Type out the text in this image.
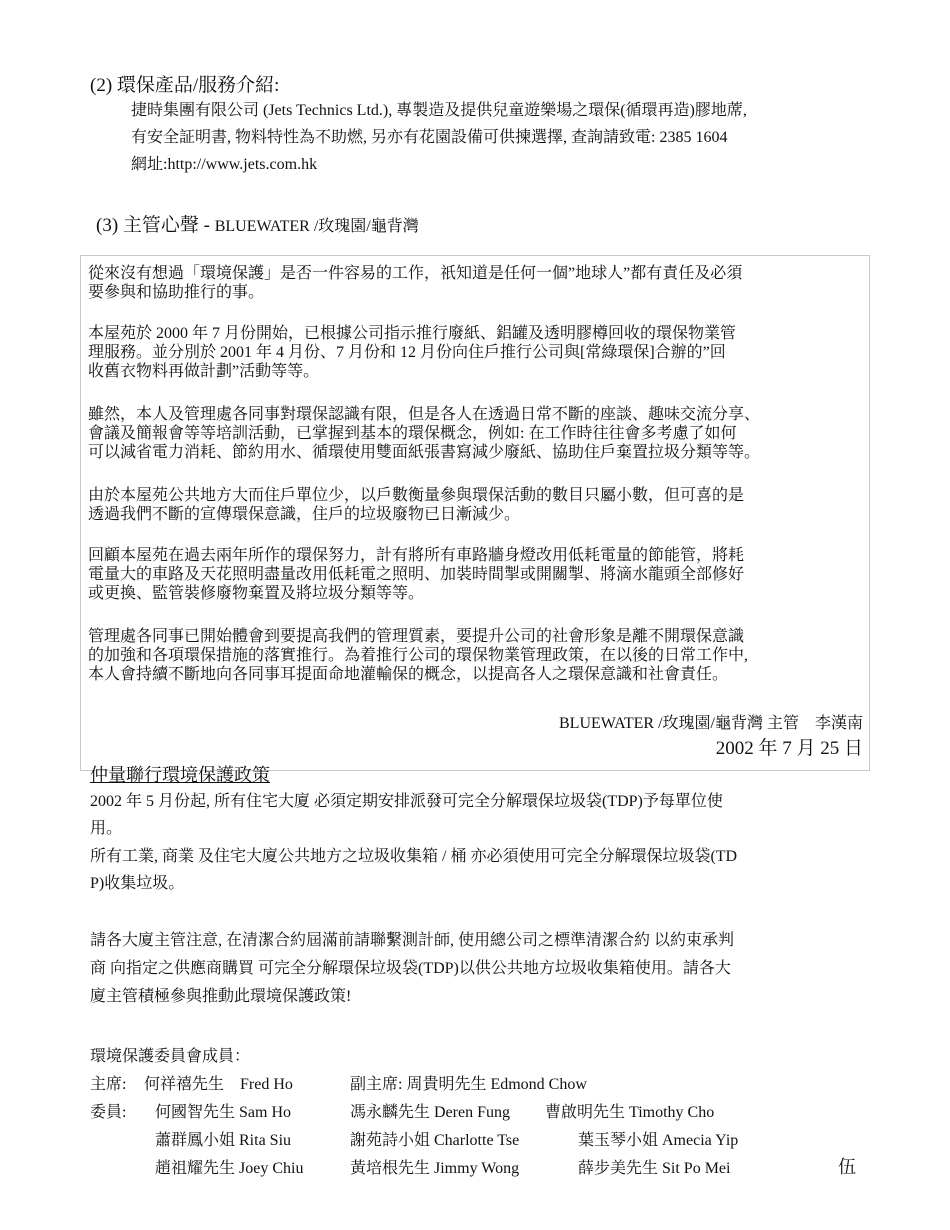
(2) 環保產品/服務介紹:
捷時集團有限公司 (Jets Technics Ltd.), 專製造及提供兒童遊樂場之環保(循環再造)膠地蓆,
有安全証明書, 物料特性為不助燃, 另亦有花園設備可供揀選擇, 查詢請致電: 2385 1604
網址:http://www.jets.com.hk
(3) 主管心聲 - BLUEWATER /玫瑰園/龜背灣
從來沒有想過「環境保護」是否一件容易的工作，祇知道是任何一個”地球人”都有責任及必須
要參與和協助推行的事。
本屋苑於 2000 年 7 月份開始，已根據公司指示推行廢紙、鋁罐及透明膠樽回收的環保物業管
理服務。並分別於 2001 年 4 月份、7 月份和 12 月份向住戶推行公司與[常綠環保]合辦的”回
收舊衣物料再做計劃”活動等等。
雖然，本人及管理處各同事對環保認識有限，但是各人在透過日常不斷的座談、趣味交流分享、
會議及簡報會等等培訓活動，已掌握到基本的環保概念，例如: 在工作時往往會多考慮了如何
可以減省電力消耗、節約用水、循環使用雙面紙張書寫減少廢紙、協助住戶棄置拉圾分類等等。
由於本屋苑公共地方大而住戶單位少，以戶數衡量參與環保活動的數目只屬小數，但可喜的是
透過我們不斷的宣傳環保意識，住戶的垃圾廢物已日漸減少。
回顧本屋苑在過去兩年所作的環保努力，計有將所有車路牆身燈改用低耗電量的節能管，將耗
電量大的車路及天花照明盡量改用低耗電之照明、加裝時間掣或開關掣、將滴水龍頭全部修好
或更換、監管裝修廢物棄置及將垃圾分類等等。
管理處各同事已開始體會到要提高我們的管理質素，要提升公司的社會形象是離不開環保意識
的加強和各項環保措施的落實推行。為着推行公司的環保物業管理政策，在以後的日常工作中,
本人會持續不斷地向各同事耳提面命地灌輸保的概念，以提高各人之環保意識和社會責任。
BLUEWATER /玫瑰園/龜背灣 主管　李漢南
2002 年 7 月 25 日
仲量聯行環境保護政策
2002 年 5 月份起, 所有住宅大廈 必須定期安排派發可完全分解環保垃圾袋(TDP)予每單位使
用。
所有工業, 商業 及住宅大廈公共地方之垃圾收集箱 / 桶 亦必須使用可完全分解環保垃圾袋(TD
P)收集垃圾。
請各大廈主管注意, 在清潔合約屆滿前請聯繫測計師, 使用總公司之標準清潔合約 以約束承判
商 向指定之供應商購買 可完全分解環保垃圾袋(TDP)以供公共地方垃圾收集箱使用。請各大
廈主管積極參與推動此環境保護政策!
環境保護委員會成員：
主席: 何祥禧先生　Fred Ho	副主席: 周貴明先生 Edmond Chow
委員: 何國智先生 Sam Ho	馮永麟先生 Deren Fung 曹啟明先生 Timothy Cho
蕭群鳳小姐 Rita Siu	謝苑詩小姐 Charlotte Tse	葉玉琴小姐 Amecia Yip
趙祖耀先生 Joey Chiu	黃培根先生 Jimmy Wong	薛步美先生 Sit Po Mei	伍
